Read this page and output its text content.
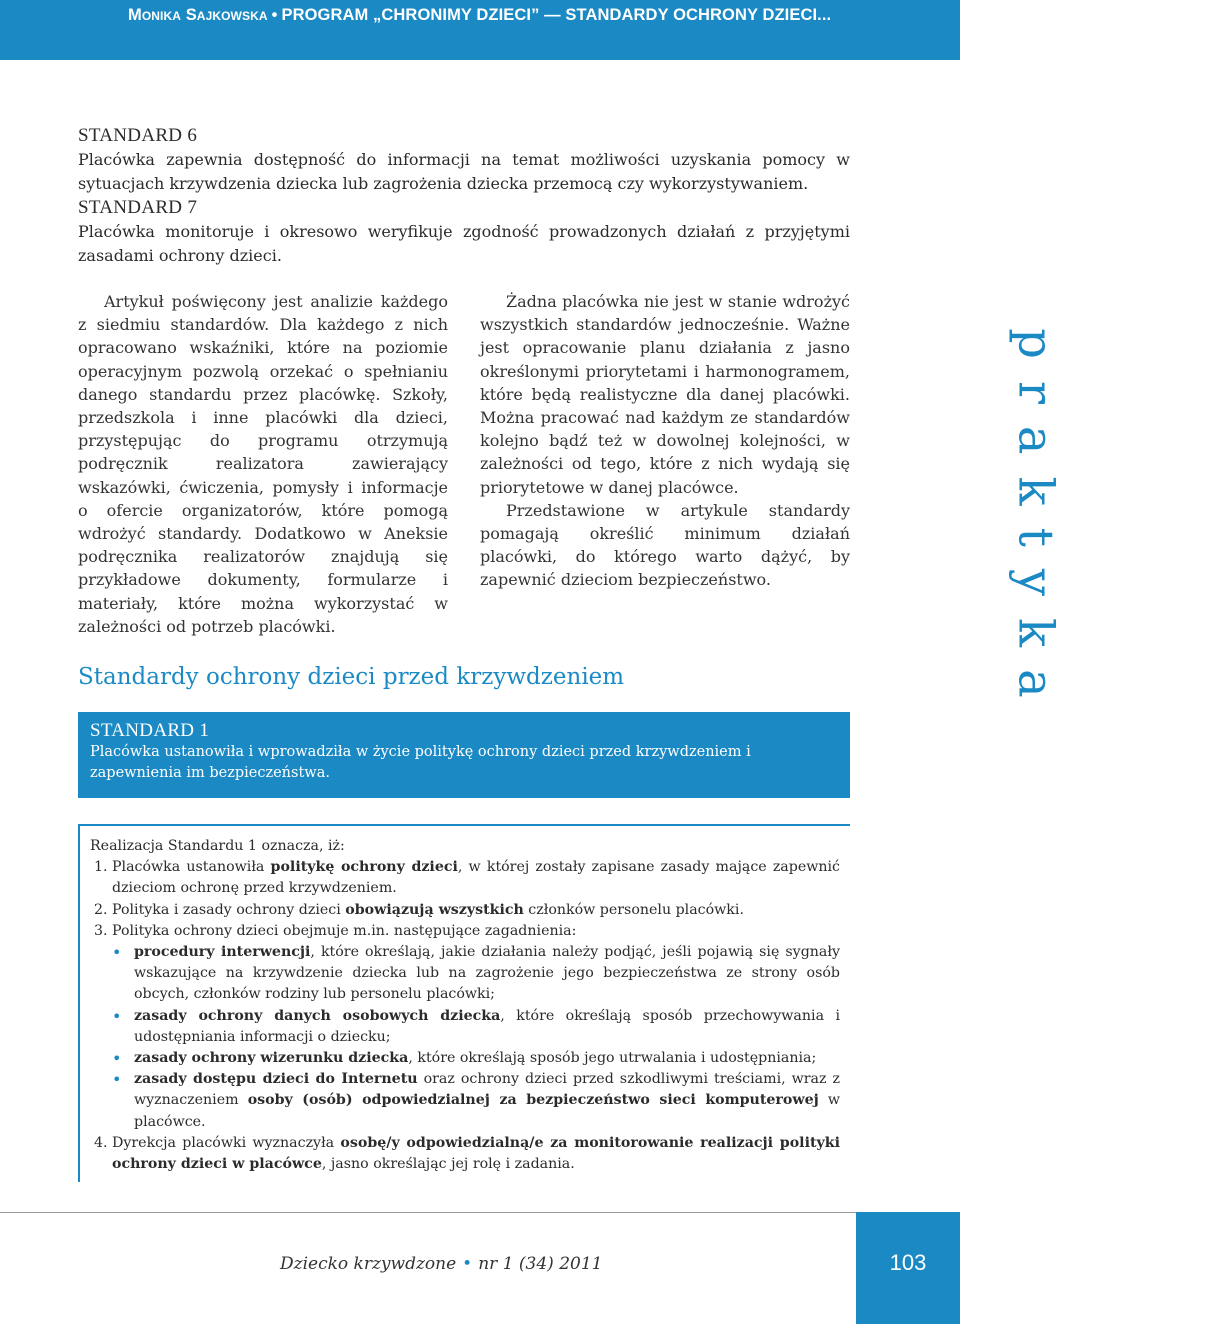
Monika Sajkowska • PROGRAM „CHRONIMY DZIECI” — STANDARDY OCHRONY DZIECI...
STANDARD 6
Placówka zapewnia dostępność do informacji na temat możliwości uzyskania pomocy w sytuacjach krzywdzenia dziecka lub zagrożenia dziecka przemocą czy wykorzystywaniem.
STANDARD 7
Placówka monitoruje i okresowo weryfikuje zgodność prowadzonych działań z przyjętymi zasadami ochrony dzieci.

Artykuł poświęcony jest analizie każdego z siedmiu standardów. Dla każdego z nich opracowano wskaźniki, które na poziomie operacyjnym pozwolą orzekać o spełnianiu danego standardu przez placówkę. Szkoły, przedszkola i inne placówki dla dzieci, przystępując do programu otrzymują podręcznik realizatora zawierający wskazówki, ćwiczenia, pomysły i informacje o ofercie organizatorów, które pomogą wdrożyć standardy. Dodatkowo w Aneksie podręcznika realizatorów znajdują się przykładowe dokumenty, formularze i materiały, które można wykorzystać w zależności od potrzeb placówki.

Żadna placówka nie jest w stanie wdrożyć wszystkich standardów jednocześnie. Ważne jest opracowanie planu działania z jasno określonymi priorytetami i harmonogramem, które będą realistyczne dla danej placówki. Można pracować nad każdym ze standardów kolejno bądź też w dowolnej kolejności, w zależności od tego, które z nich wydają się priorytetowe w danej placówce.

Przedstawione w artykule standardy pomagają określić minimum działań placówki, do którego warto dążyć, by zapewnić dzieciom bezpieczeństwo.

Standardy ochrony dzieci przed krzywdzeniem
STANDARD 1
Placówka ustanowiła i wprowadziła w życie politykę ochrony dzieci przed krzywdzeniem i zapewnienia im bezpieczeństwa.

Realizacja Standardu 1 oznacza, iż:

1. Placówka ustanowiła politykę ochrony dzieci, w której zostały zapisane zasady mające zapewnić dzieciom ochronę przed krzywdzeniem.
2. Polityka i zasady ochrony dzieci obowiązują wszystkich członków personelu placówki.
3. Polityka ochrony dzieci obejmuje m.in. następujące zagadnienia:
• procedury interwencji, które określają, jakie działania należy podjąć, jeśli pojawią się sygnały wskazujące na krzywdzenie dziecka lub na zagrożenie jego bezpieczeństwa ze strony osób obcych, członków rodziny lub personelu placówki;
• zasady ochrony danych osobowych dziecka, które określają sposób przechowywania i udostępniania informacji o dziecku;
• zasady ochrony wizerunku dziecka, które określają sposób jego utrwalania i udostępniania;
• zasady dostępu dzieci do Internetu oraz ochrony dzieci przed szkodliwymi treściami, wraz z wyznaczeniem osoby (osób) odpowiedzialnej za bezpieczeństwo sieci komputerowej w placówce.
4. Dyrekcja placówki wyznaczyła osobę/y odpowiedzialną/e za monitorowanie realizacji polityki ochrony dzieci w placówce, jasno określając jej rolę i zadania.

praktyka

Dziecko krzywdzone • nr 1 (34) 2011	103
